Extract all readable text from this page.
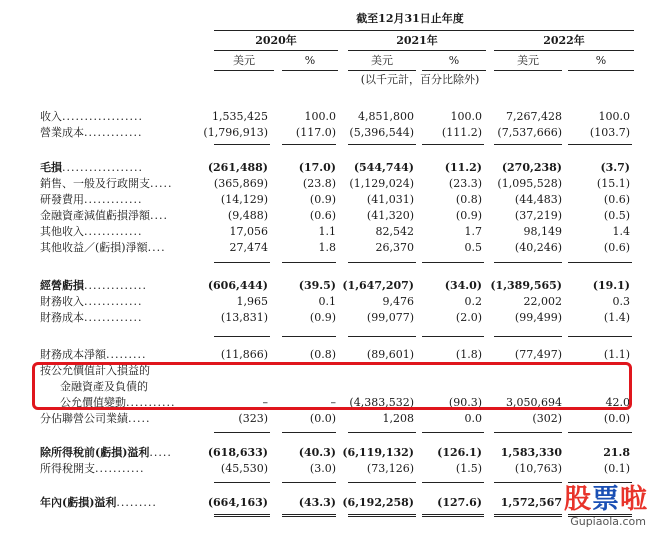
截至12月31日止年度
2020年	2021年	2022年
美元	%	美元	%	美元	%
(以千元計，百分比除外)
收入..................	1,535,425	100.0	4,851,800	100.0	7,267,428	100.0
營業成本.............	(1,796,913)	(117.0)	(5,396,544)	(111.2)	(7,537,666)	(103.7)
毛損..................	(261,488)	(17.0)	(544,744)	(11.2)	(270,238)	(3.7)
銷售、一般及行政開支.....	(365,869)	(23.8)	(1,129,024)	(23.3)	(1,095,528)	(15.1)
研發費用.............	(14,129)	(0.9)	(41,031)	(0.8)	(44,483)	(0.6)
金融資產減值虧損淨額....	(9,488)	(0.6)	(41,320)	(0.9)	(37,219)	(0.5)
其他收入.............	17,056	1.1	82,542	1.7	98,149	1.4
其他收益／(虧損)淨額....	27,474	1.8	26,370	0.5	(40,246)	(0.6)
經營虧損..............	(606,444)	(39.5) (1,647,207)	(34.0) (1,389,565)	(19.1)
財務收入.............	1,965	0.1	9,476	0.2	22,002	0.3
財務成本.............	(13,831)	(0.9)	(99,077)	(2.0)	(99,499)	(1.4)
財務成本淨額.........	(11,866)	(0.8)	(89,601)	(1.8)	(77,497)	(1.1)
按公允價值計入損益的
金融資產及負債的
公允價值變動...........	–	–	(4,383,532)	(90.3)	3,050,694	42.0
分佔聯營公司業績.....	(323)	(0.0)	1,208	0.0	(302)	(0.0)
除所得稅前(虧損)溢利.....	(618,633)	(40.3) (6,119,132)	(126.1)	1,583,330	21.8
所得稅開支...........	(45,530)	(3.0)	(73,126)	(1.5)	(10,763)	(0.1)
年內(虧損)溢利.........	(664,163)	(43.3) (6,192,258)	(127.6)	1,572,567 股票啦
Gupiaola.com
